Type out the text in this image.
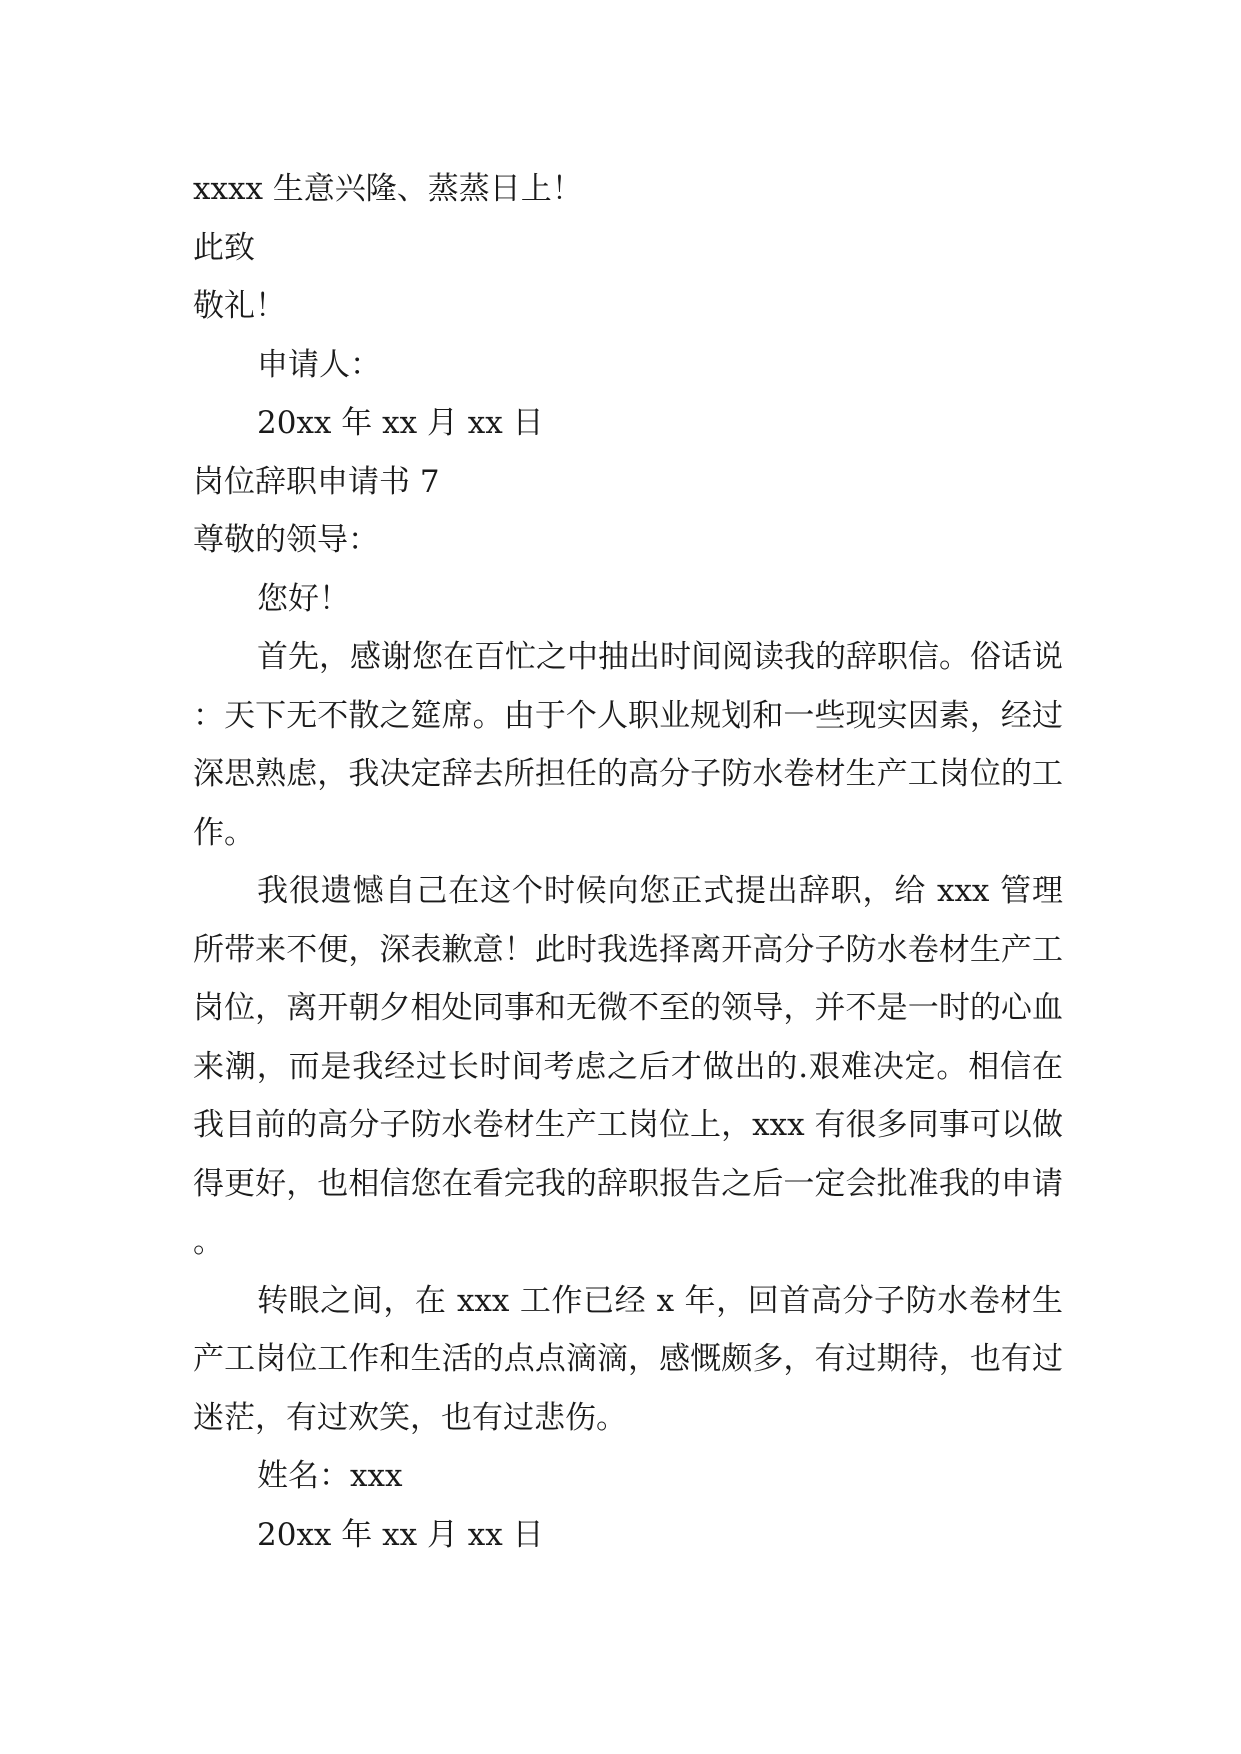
xxxx 生意兴隆、蒸蒸日上！
此致
敬礼！
申请人：
20xx 年 xx 月 xx 日
岗位辞职申请书 7
尊敬的领导：
您好！
首先，感谢您在百忙之中抽出时间阅读我的辞职信。俗话说：天下无不散之筵席。由于个人职业规划和一些现实因素，经过深思熟虑，我决定辞去所担任的高分子防水卷材生产工岗位的工作。
我很遗憾自己在这个时候向您正式提出辞职，给 xxx 管理所带来不便，深表歉意！此时我选择离开高分子防水卷材生产工岗位，离开朝夕相处同事和无微不至的领导，并不是一时的心血来潮，而是我经过长时间考虑之后才做出的.艰难决定。相信在我目前的高分子防水卷材生产工岗位上，xxx 有很多同事可以做得更好，也相信您在看完我的辞职报告之后一定会批准我的申请。
转眼之间，在 xxx 工作已经 x 年，回首高分子防水卷材生产工岗位工作和生活的点点滴滴，感慨颇多，有过期待，也有过迷茫，有过欢笑，也有过悲伤。
姓名：xxx
20xx 年 xx 月 xx 日
